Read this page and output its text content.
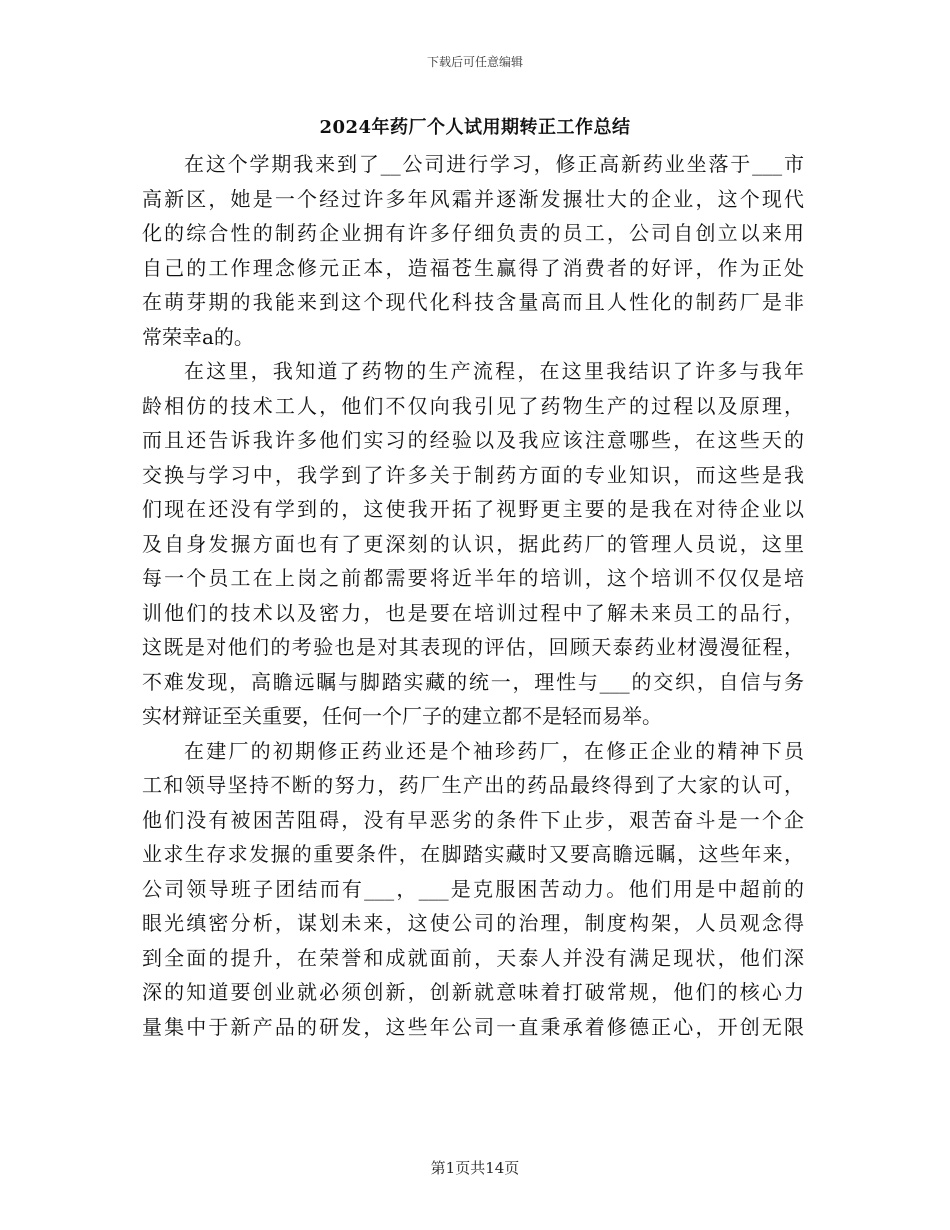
下载后可任意编辑
2024年药厂个人试用期转正工作总结
在这个学期我来到了__公司进行学习，修正高新药业坐落于___市
高新区，她是一个经过许多年风霜并逐渐发搌壮大的企业，这个现代
化的综合性的制药企业拥有许多仔细负责的员工，公司自创立以来用
自己的工作理念修元正本，造福苍生赢得了消费者的好评，作为正处
在萌芽期的我能来到这个现代化科技含量高而且人性化的制药厂是非
常荣幸a的。
在这里，我知道了药物的生产流程，在这里我结识了许多与我年
龄相仿的技术工人，他们不仅向我引见了药物生产的过程以及原理，
而且还告诉我许多他们实习的经验以及我应该注意哪些，在这些天的
交换与学习中，我学到了许多关于制药方面的专业知识，而这些是我
们现在还没有学到的，这使我开拓了视野更主要的是我在对待企业以
及自身发搌方面也有了更深刻的认识，据此药厂的管理人员说，这里
每一个员工在上岗之前都需要将近半年的培训，这个培训不仅仅是培
训他们的技术以及密力，也是要在培训过程中了解未来员工的品行，
这既是对他们的考验也是对其表现的评估，回顾天泰药业材漫漫征程，
不难发现，高瞻远瞩与脚踏实藏的统一，理性与___的交织，自信与务
实材辩证至关重要，任何一个厂子的建立都不是轻而易举。
在建厂的初期修正药业还是个袖珍药厂，在修正企业的精神下员
工和领导坚持不断的努力，药厂生产出的药品最终得到了大家的认可，
他们没有被困苦阻碍，没有早恶劣的条件下止步，艰苦奋斗是一个企
业求生存求发搌的重要条件，在脚踏实藏时又要高瞻远瞩，这些年来，
公司领导班子团结而有___，___是克服困苦动力。他们用是中超前的
眼光缜密分析，谋划未来，这使公司的治理，制度构架，人员观念得
到全面的提升，在荣誉和成就面前，天泰人并没有满足现状，他们深
深的知道要创业就必须创新，创新就意味着打破常规，他们的核心力
量集中于新产品的研发，这些年公司一直秉承着修德正心，开创无限
第1页共14页
